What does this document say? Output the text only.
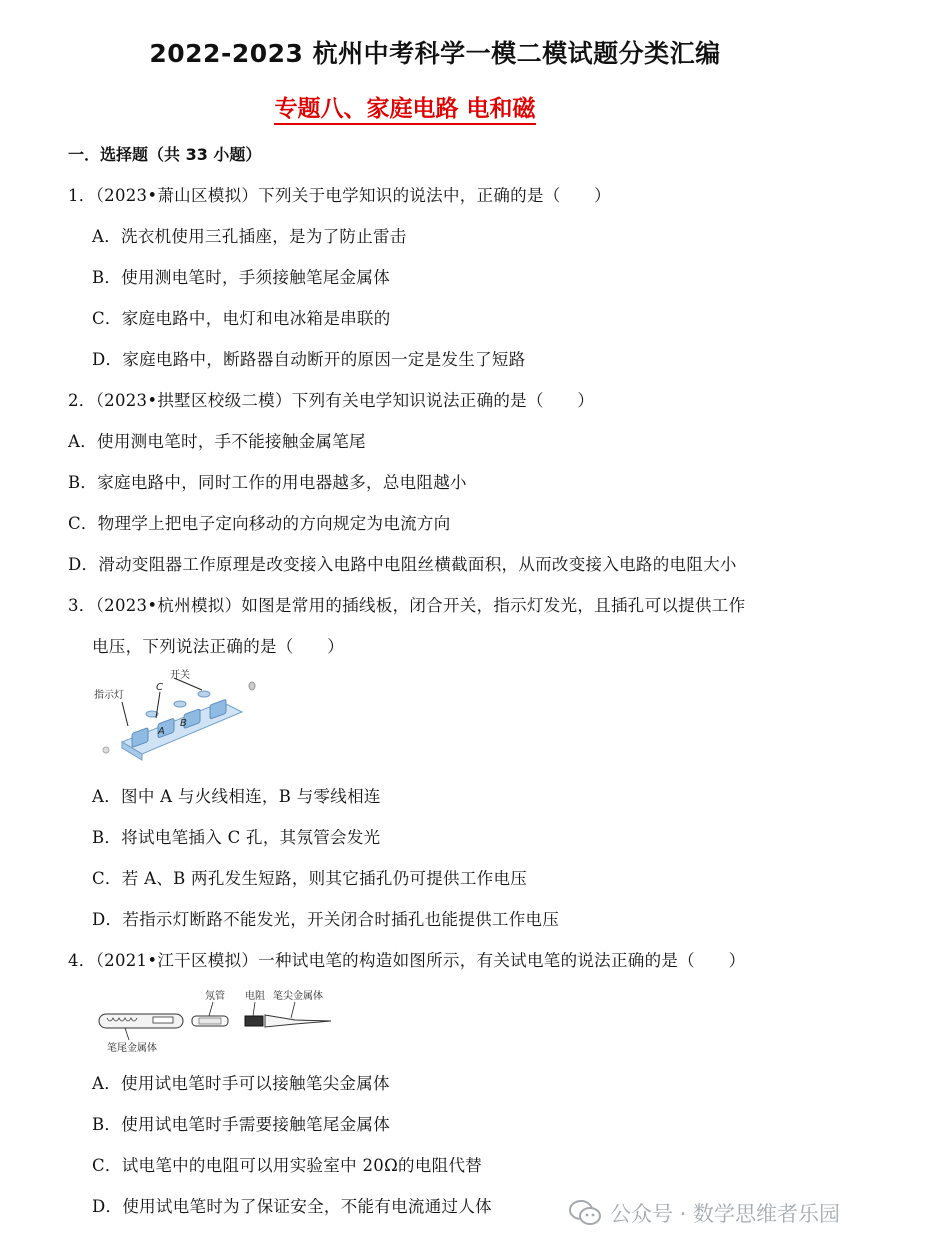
2022-2023 杭州中考科学一模二模试题分类汇编
专题八、家庭电路 电和磁
一．选择题（共 33 小题）
1．（2023•萧山区模拟）下列关于电学知识的说法中，正确的是（　　）
A．洗衣机使用三孔插座，是为了防止雷击
B．使用测电笔时，手须接触笔尾金属体
C．家庭电路中，电灯和电冰箱是串联的
D．家庭电路中，断路器自动断开的原因一定是发生了短路
2．（2023•拱墅区校级二模）下列有关电学知识说法正确的是（　　）
A．使用测电笔时，手不能接触金属笔尾
B．家庭电路中，同时工作的用电器越多，总电阻越小
C．物理学上把电子定向移动的方向规定为电流方向
D．滑动变阻器工作原理是改变接入电路中电阻丝横截面积，从而改变接入电路的电阻大小
3．（2023•杭州模拟）如图是常用的插线板，闭合开关，指示灯发光，且插孔可以提供工作
电压，下列说法正确的是（　　）
开关
指示灯
C
A
B
A．图中 A 与火线相连，B 与零线相连
B．将试电笔插入 C 孔，其氖管会发光
C．若 A、B 两孔发生短路，则其它插孔仍可提供工作电压
D．若指示灯断路不能发光，开关闭合时插孔也能提供工作电压
4．（2021•江干区模拟）一种试电笔的构造如图所示，有关试电笔的说法正确的是（　　）
氖管 电阻 笔尖金属体
笔尾金属体
A．使用试电笔时手可以接触笔尖金属体
B．使用试电笔时手需要接触笔尾金属体
C．试电笔中的电阻可以用实验室中 20Ω的电阻代替
D．使用试电笔时为了保证安全，不能有电流通过人体	公众号 · 数学思维者乐园
